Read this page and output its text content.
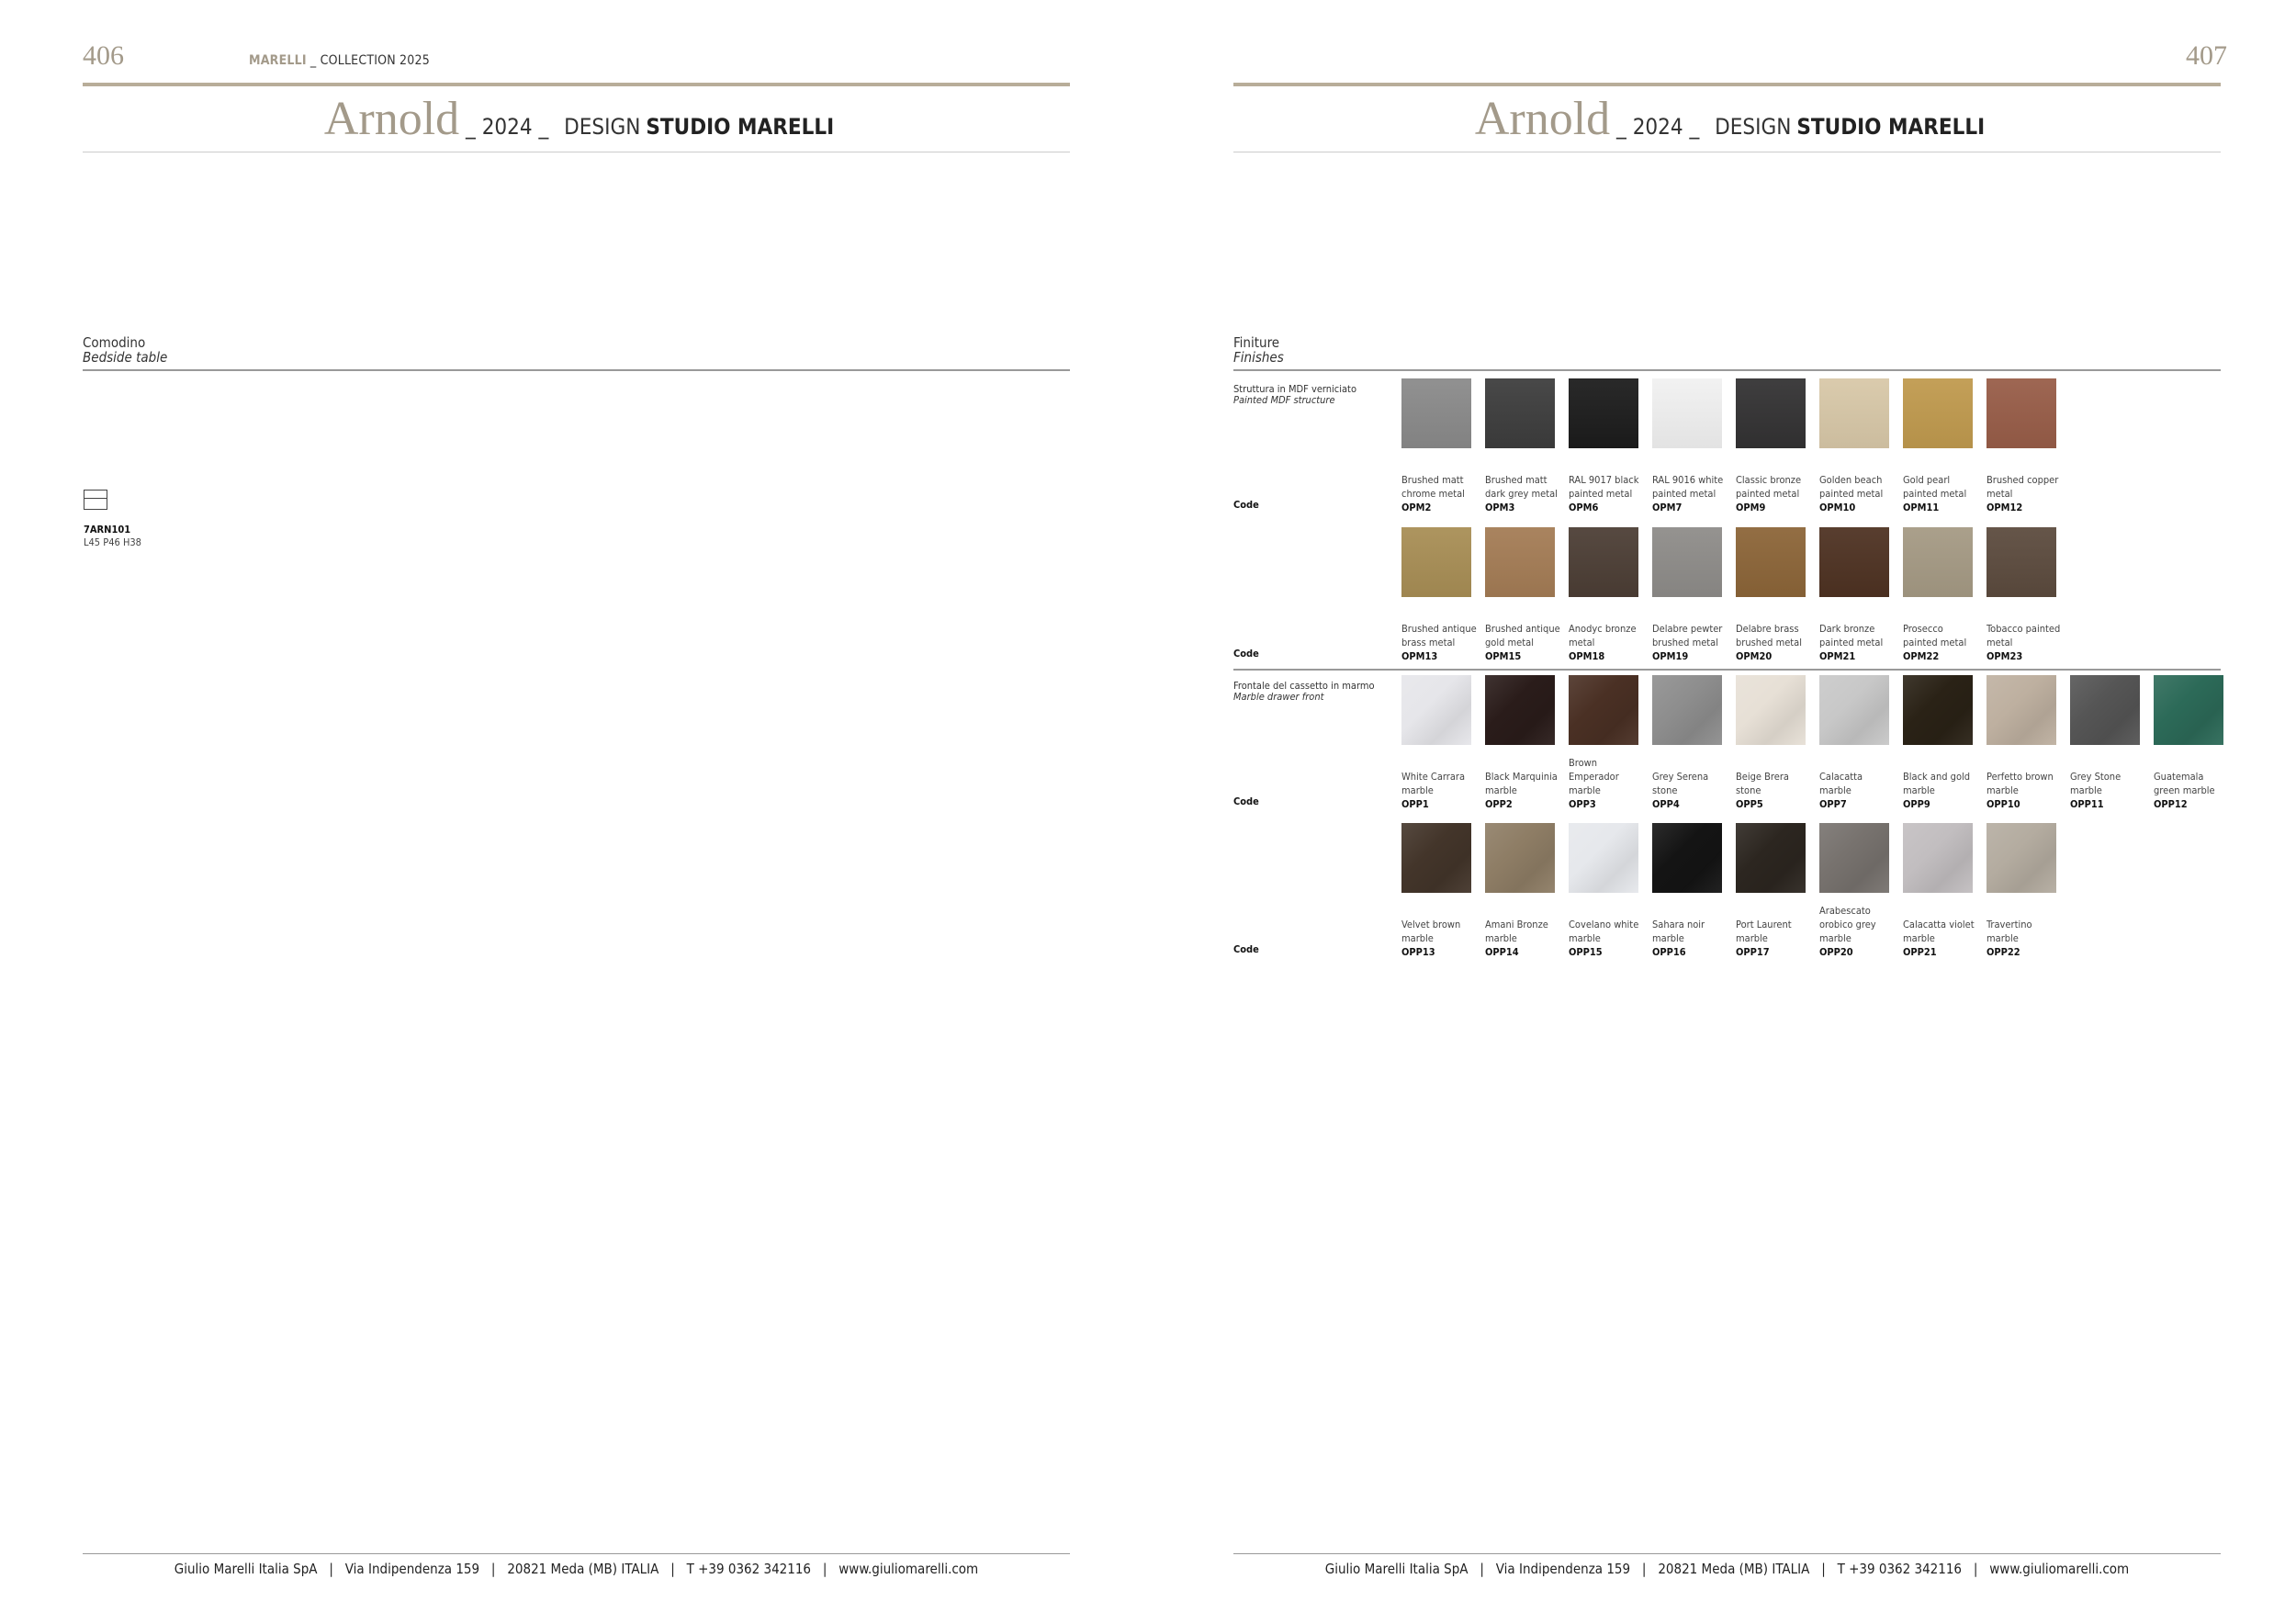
406	MARELLI _ COLLECTION 2025
Arnold _ 2024 _ DESIGN STUDIO MARELLI
Comodino
Bedside table
7ARN101
L45 P46 H38
Giulio Marelli Italia SpA   |   Via Indipendenza 159   |   20821 Meda (MB) ITALIA   |   T +39 0362 342116   |   www.giuliomarelli.com
407
Arnold _ 2024 _ DESIGN STUDIO MARELLI
Finiture
Finishes
Struttura in MDF verniciato
Painted MDF structure
Frontale del cassetto in marmo
Marble drawer front
Code
Brushed matt chrome metal
OPM2
Brushed matt dark grey metal
OPM3
RAL 9017 black painted metal
OPM6
RAL 9016 white painted metal
OPM7
Classic bronze painted metal
OPM9
Golden beach painted metal
OPM10
Gold pearl painted metal
OPM11
Brushed copper metal
OPM12
Code
Brushed antique brass metal
OPM13
Brushed antique gold metal
OPM15
Anodyc bronze metal
OPM18
Delabre pewter brushed metal
OPM19
Delabre brass brushed metal
OPM20
Dark bronze painted metal
OPM21
Prosecco painted metal
OPM22
Tobacco painted metal
OPM23
Code
White Carrara marble
OPP1
Black Marquinia marble
OPP2
Brown Emperador marble
OPP3
Grey Serena stone
OPP4
Beige Brera stone
OPP5
Calacatta marble
OPP7
Black and gold marble
OPP9
Perfetto brown marble
OPP10
Grey Stone marble
OPP11
Guatemala green marble
OPP12
Code
Velvet brown marble
OPP13
Amani Bronze marble
OPP14
Covelano white marble
OPP15
Sahara noir marble
OPP16
Port Laurent marble
OPP17
Arabescato orobico grey marble
OPP20
Calacatta violet marble
OPP21
Travertino marble
OPP22
Giulio Marelli Italia SpA   |   Via Indipendenza 159   |   20821 Meda (MB) ITALIA   |   T +39 0362 342116   |   www.giuliomarelli.com
